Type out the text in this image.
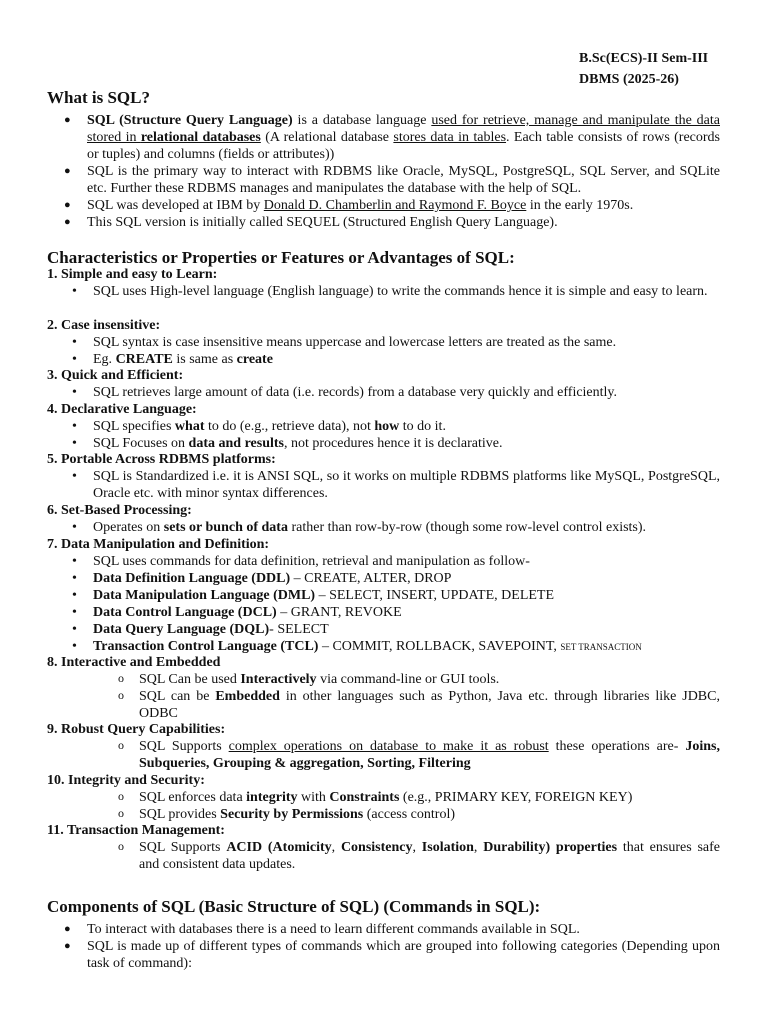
B.Sc(ECS)-II Sem-III
DBMS (2025-26)
What is SQL?
● SQL (Structure Query Language) is a database language used for retrieve, manage and manipulate the data stored in relational databases (A relational database stores data in tables. Each table consists of rows (records or tuples) and columns (fields or attributes))
● SQL is the primary way to interact with RDBMS like Oracle, MySQL, PostgreSQL, SQL Server, and SQLite etc. Further these RDBMS manages and manipulates the database with the help of SQL.
● SQL was developed at IBM by Donald D. Chamberlin and Raymond F. Boyce in the early 1970s.
● This SQL version is initially called SEQUEL (Structured English Query Language).
Characteristics or Properties or Features or Advantages of SQL:
1. Simple and easy to Learn:
• SQL uses High-level language (English language) to write the commands hence it is simple and easy to learn.
2. Case insensitive:
• SQL syntax is case insensitive means uppercase and lowercase letters are treated as the same.
• Eg. CREATE is same as create
3. Quick and Efficient:
• SQL retrieves large amount of data (i.e. records) from a database very quickly and efficiently.
4. Declarative Language:
• SQL specifies what to do (e.g., retrieve data), not how to do it.
• SQL Focuses on data and results, not procedures hence it is declarative.
5. Portable Across RDBMS platforms:
• SQL is Standardized i.e. it is ANSI SQL, so it works on multiple RDBMS platforms like MySQL, PostgreSQL, Oracle etc. with minor syntax differences.
6. Set-Based Processing:
• Operates on sets or bunch of data rather than row-by-row (though some row-level control exists).
7. Data Manipulation and Definition:
• SQL uses commands for data definition, retrieval and manipulation as follow-
• Data Definition Language (DDL) – CREATE, ALTER, DROP
• Data Manipulation Language (DML) – SELECT, INSERT, UPDATE, DELETE
• Data Control Language (DCL) – GRANT, REVOKE
• Data Query Language (DQL)- SELECT
• Transaction Control Language (TCL) – COMMIT, ROLLBACK, SAVEPOINT, SET TRANSACTION
8. Interactive and Embedded
o SQL Can be used Interactively via command-line or GUI tools.
o SQL can be Embedded in other languages such as Python, Java etc. through libraries like JDBC, ODBC
9. Robust Query Capabilities:
o SQL Supports complex operations on database to make it as robust these operations are- Joins, Subqueries, Grouping & aggregation, Sorting, Filtering
10. Integrity and Security:
o SQL enforces data integrity with Constraints (e.g., PRIMARY KEY, FOREIGN KEY)
o SQL provides Security by Permissions (access control)
11. Transaction Management:
o SQL Supports ACID (Atomicity, Consistency, Isolation, Durability) properties that ensures safe and consistent data updates.
Components of SQL (Basic Structure of SQL) (Commands in SQL):
● To interact with databases there is a need to learn different commands available in SQL.
● SQL is made up of different types of commands which are grouped into following categories (Depending upon task of command):
